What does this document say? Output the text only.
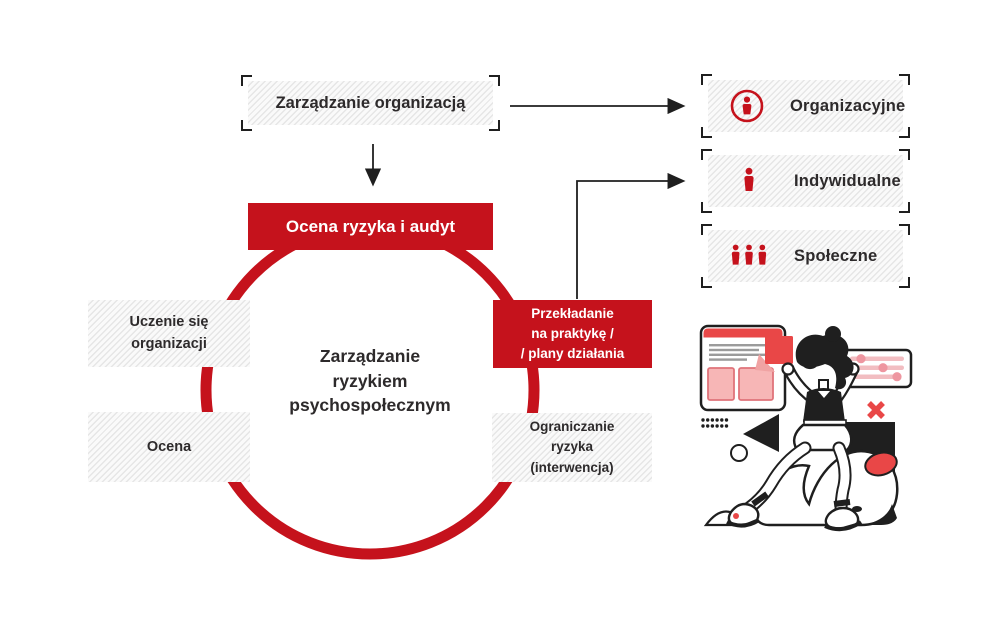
Zarządzanie organizacją
Ocena ryzyka i audyt
Zarządzanie
ryzykiem
psychospołecznym
Uczenie się
organizacji
Ocena
Przekładanie
na praktykę /
/ plany działania
Ograniczanie
ryzyka
(interwencja)
Organizacyjne
Indywidualne
Społeczne
